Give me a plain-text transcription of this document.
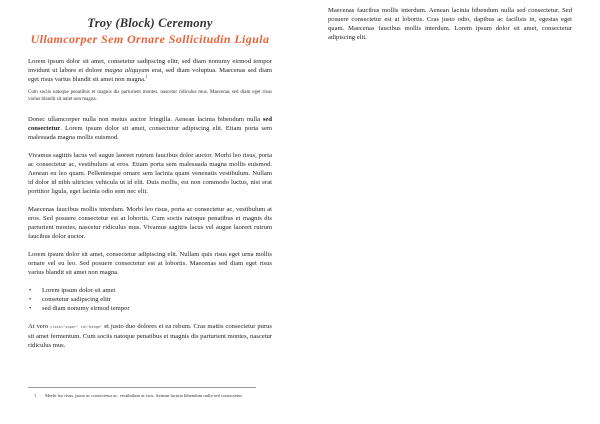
Troy (Block) Ceremony
Ullamcorper Sem Ornare Sollicitudin Ligula

Lorem ipsum dolor sit amet, consetetur sadipscing elitr, sed diam nonumy eirmod tempor invidunt ut labore et dolore magna aliquyam erat, sed diam voluptua. Maecenas sed diam eget risus varius blandit sit amet non magna.$^1$

Cum sociis natoque penatibus et magnis dis parturient montes, nascetur ridiculus mus. Maecenas sed diam eget risus varius blandit sit amet non magna.

Donec ullamcorper nulla non metus auctor fringilla. Aenean lacinia bibendum nulla sed consectetur. Lorem ipsum dolor sit amet, consectetur adipiscing elit. Etiam porta sem malesuada magna mollis euismod.

Vivamus sagittis lacus vel augue laoreet rutrum faucibus dolor auctor. Morbi leo risus, porta ac consectetur ac, vestibulum at eros. Etiam porta sem malesuada magna mollis euismod. Aenean eu leo quam. Pellentesque ornare sem lacinia quam venenatis vestibulum. Nullam id dolor id nibh ultricies vehicula ut id elit. Duis mollis, est non commodo luctus, nisi erat porttitor ligula, eget lacinia odio sem nec elit.

Maecenas faucibus mollis interdum. Morbi leo risus, porta ac consectetur ac, vestibulum at eros. Sed posuere consectetur est at lobortis. Cum sociis natoque penatibus et magnis dis parturient montes, nascetur ridiculus mus. Vivamus sagittis lacus vel augue laoreet rutrum faucibus dolor auctor.

Lorem ipsum dolor sit amet, consectetur adipiscing elit. Nullam quis risus eget urna mollis ornare vel eu leo. Sed posuere consectetur est at lobortis. Maecenas sed diam eget risus varius blandit sit amet non magna.

• Lorem ipsum dolor sit amet
• consetetur sadipscing elitr
• sed diam nonumy eirmod tempor

At vero class="super" id="benge" et justo duo dolores et ea rebum. Cras mattis consectetur purus sit amet fermentum. Cum sociis natoque penatibus et magnis dis parturient montes, nascetur ridiculus mus.

1 Morbi leo risus, porta ac consectetur ac, vestibulum at eros. Aenean lacinia bibendum nulla sed consectetur.

Maecenas faucibus mollis interdum. Aenean lacinia bibendum nulla sed consectetur. Sed posuere consectetur est at lobortis. Cras justo odio, dapibus ac facilisis in, egestas eget quam. Maecenas faucibus mollis interdum. Lorem ipsum dolor sit amet, consectetur adipiscing elit.
